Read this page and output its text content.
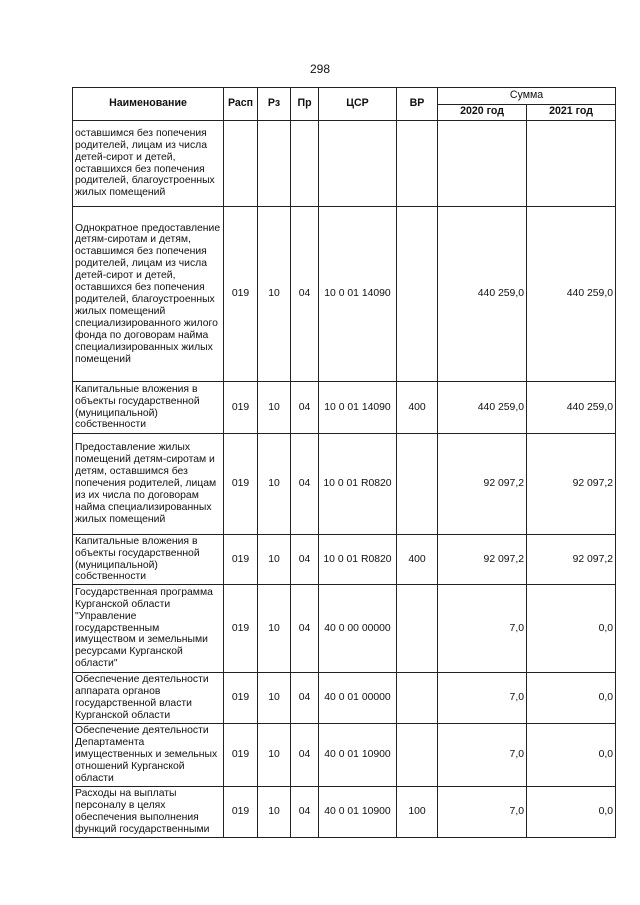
298
Наименование	Расп	Рз	Пр	ЦСР	ВР	Сумма	
						2020 год	2021 год
оставшимся без попечения родителей, лицам из числа детей-сирот и детей, оставшихся без попечения родителей, благоустроенных жилых помещений							
Однократное предоставление детям-сиротам и детям, оставшимся без попечения родителей, лицам из числа детей-сирот и детей, оставшихся без попечения родителей, благоустроенных жилых помещений специализированного жилого фонда по договорам найма специализированных жилых помещений	019	10	04	10 0 01 14090		440 259,0	440 259,0
Капитальные вложения в объекты государственной (муниципальной) собственности	019	10	04	10 0 01 14090	400	440 259,0	440 259,0
Предоставление жилых помещений детям-сиротам и детям, оставшимся без попечения родителей, лицам из их числа по договорам найма специализированных жилых помещений	019	10	04	10 0 01 R0820		92 097,2	92 097,2
Капитальные вложения в объекты государственной (муниципальной) собственности	019	10	04	10 0 01 R0820	400	92 097,2	92 097,2
Государственная программа Курганской области "Управление государственным имуществом и земельными ресурсами Курганской области"	019	10	04	40 0 00 00000		7,0	0,0
Обеспечение деятельности аппарата органов государственной власти Курганской области	019	10	04	40 0 01 00000		7,0	0,0
Обеспечение деятельности Департамента имущественных и земельных отношений Курганской области	019	10	04	40 0 01 10900		7,0	0,0
Расходы на выплаты персоналу в целях обеспечения выполнения функций государственными	019	10	04	40 0 01 10900	100	7,0	0,0
